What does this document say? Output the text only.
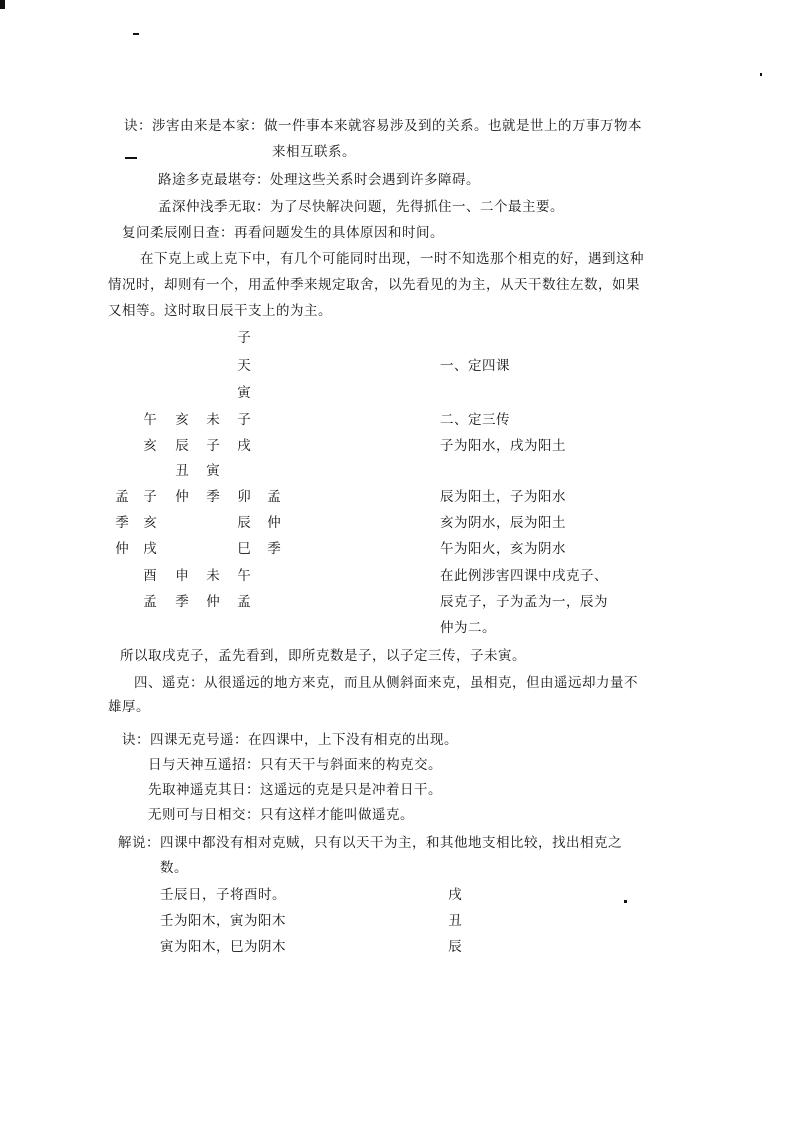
诀：涉害由来是本家：做一件事本来就容易涉及到的关系。也就是世上的万事万物本
来相互联系。
路途多克最堪夸：处理这些关系时会遇到许多障碍。
孟深仲浅季无取：为了尽快解决问题，先得抓住一、二个最主要。
复问柔辰刚日查：再看问题发生的具体原因和时间。
在下克上或上克下中，有几个可能同时出现，一时不知选那个相克的好，遇到这种
情况时，却则有一个，用孟仲季来规定取舍，以先看见的为主，从天干数往左数，如果
又相等。这时取日辰干支上的为主。
子
天
寅
午 亥 未 子
亥 辰 子 戌
丑 寅
孟 子 仲 季 卯 孟
季 亥	辰 仲
仲 戌	巳 季
酉 申 未 午
孟 季 仲 孟
一、定四课
二、定三传
子为阳水，戌为阳土
辰为阳土，子为阳水
亥为阴水，辰为阳土
午为阳火，亥为阴水
在此例涉害四课中戌克子、
辰克子，子为孟为一，辰为
仲为二。
所以取戌克子，孟先看到，即所克数是子，以子定三传，子未寅。
四、遥克：从很遥远的地方来克，而且从侧斜面来克，虽相克，但由遥远却力量不
雄厚。
诀：四课无克号遥：在四课中，上下没有相克的出现。
日与天神互遥招：只有天干与斜面来的构克交。
先取神遥克其日：这遥远的克是只是冲着日干。
无则可与日相交：只有这样才能叫做遥克。
解说：四课中都没有相对克贼，只有以天干为主，和其他地支相比较，找出相克之
数。
壬辰日，子将酉时。
壬为阳木，寅为阳木
寅为阳木，巳为阴木
戌
丑
辰
